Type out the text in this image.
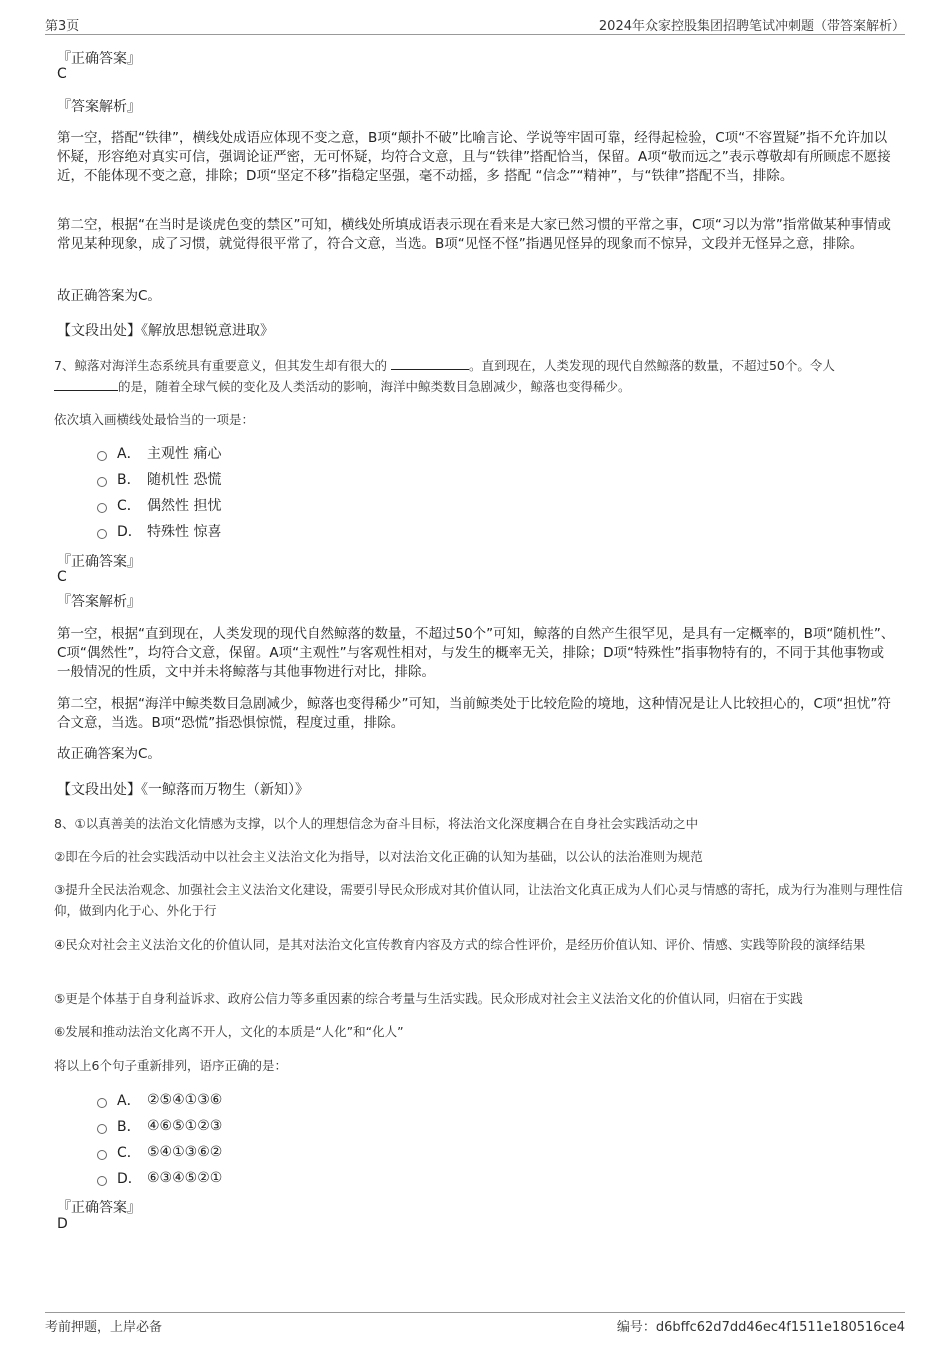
第3页	2024年众家控股集团招聘笔试冲刺题（带答案解析）
『正确答案』
C
『答案解析』
第一空，搭配“铁律”，横线处成语应体现不变之意，B项“颠扑不破”比喻言论、学说等牢固可靠，经得起检验，C项“不容置疑”指不允许加以怀疑，形容绝对真实可信，强调论证严密，无可怀疑，均符合文意，且与“铁律”搭配恰当，保留。A项“敬而远之”表示尊敬却有所顾虑不愿接近，不能体现不变之意，排除；D项“坚定不移”指稳定坚强，毫不动摇，多 搭配 “信念”“精神”，与“铁律”搭配不当，排除。
第二空，根据“在当时是谈虎色变的禁区”可知，横线处所填成语表示现在看来是大家已然习惯的平常之事，C项“习以为常”指常做某种事情或常见某种现象，成了习惯，就觉得很平常了，符合文意，当选。B项“见怪不怪”指遇见怪异的现象而不惊异，文段并无怪异之意，排除。
故正确答案为C。
【文段出处】《解放思想锐意进取》
7、鲸落对海洋生态系统具有重要意义，但其发生却有很大的	。直到现在，人类发现的现代自然鲸落的数量，不超过50个。令人
的是，随着全球气候的变化及人类活动的影响，海洋中鲸类数目急剧减少，鲸落也变得稀少。
依次填入画横线处最恰当的一项是：
A． 主观性 痛心
B． 随机性 恐慌
C． 偶然性 担忧
D． 特殊性 惊喜
『正确答案』
C
『答案解析』
第一空，根据“直到现在，人类发现的现代自然鲸落的数量，不超过50个”可知，鲸落的自然产生很罕见，是具有一定概率的，B项“随机性”、C项“偶然性”，均符合文意，保留。A项“主观性”与客观性相对，与发生的概率无关，排除；D项“特殊性”指事物特有的，不同于其他事物或一般情况的性质，文中并未将鲸落与其他事物进行对比，排除。
第二空，根据“海洋中鲸类数目急剧减少，鲸落也变得稀少”可知，当前鲸类处于比较危险的境地，这种情况是让人比较担心的，C项“担忧”符合文意，当选。B项“恐慌”指恐惧惊慌，程度过重，排除。
故正确答案为C。
【文段出处】《一鲸落而万物生（新知）》
8、①以真善美的法治文化情感为支撑，以个人的理想信念为奋斗目标，将法治文化深度耦合在自身社会实践活动之中
②即在今后的社会实践活动中以社会主义法治文化为指导，以对法治文化正确的认知为基础，以公认的法治准则为规范
③提升全民法治观念、加强社会主义法治文化建设，需要引导民众形成对其价值认同，让法治文化真正成为人们心灵与情感的寄托，成为行为准则与理性信仰，做到内化于心、外化于行
④民众对社会主义法治文化的价值认同，是其对法治文化宣传教育内容及方式的综合性评价，是经历价值认知、评价、情感、实践等阶段的演绎结果
⑤更是个体基于自身利益诉求、政府公信力等多重因素的综合考量与生活实践。民众形成对社会主义法治文化的价值认同，归宿在于实践
⑥发展和推动法治文化离不开人，文化的本质是“人化”和“化人”
将以上6个句子重新排列，语序正确的是：
A． ②⑤④①③⑥
B． ④⑥⑤①②③
C． ⑤④①③⑥②
D． ⑥③④⑤②①
『正确答案』
D
考前押题，上岸必备	编号：d6bffc62d7dd46ec4f1511e180516ce4
